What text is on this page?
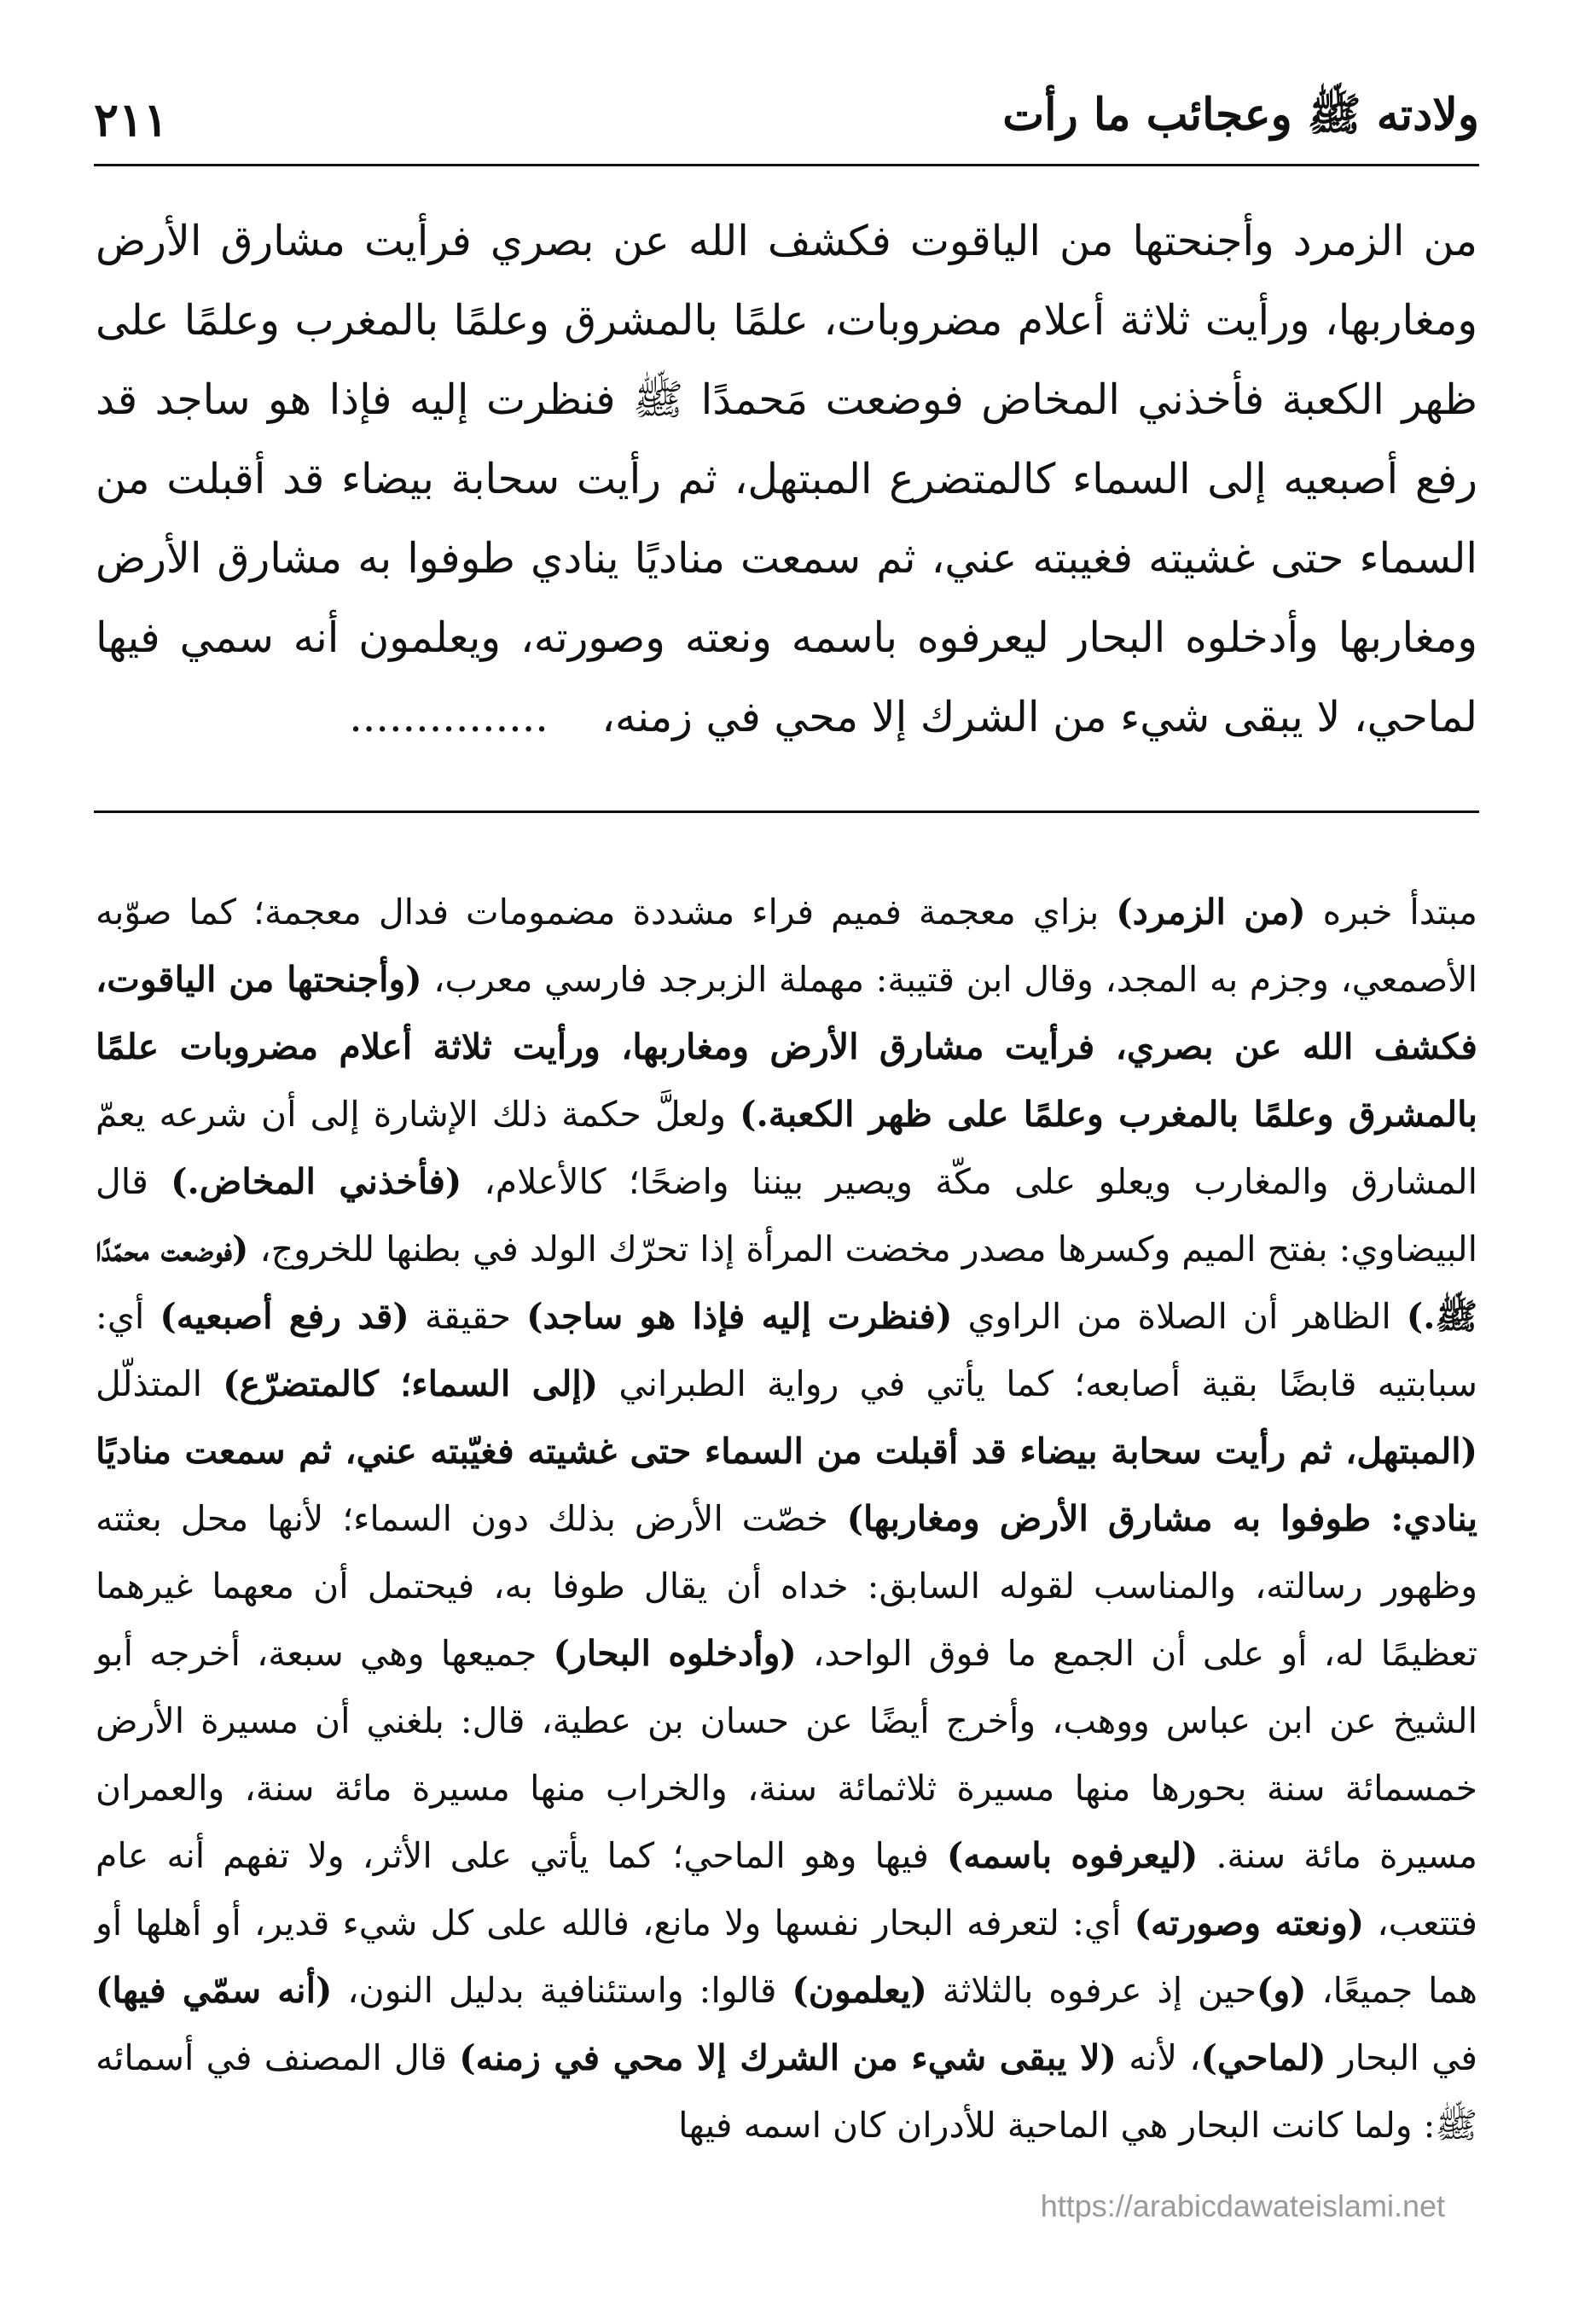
ولادته ﷺ وعجائب ما رأت
٢١١

من الزمرد وأجنحتها من الياقوت فكشف الله عن بصري فرأيت مشارق الأرض ومغاربها، ورأيت ثلاثة أعلام مضروبات، علمًا بالمشرق وعلمًا بالمغرب وعلمًا على ظهر الكعبة فأخذني المخاض فوضعت مَحمدًا ﷺ فنظرت إليه فإذا هو ساجد قد رفع أصبعيه إلى السماء كالمتضرع المبتهل، ثم رأيت سحابة بيضاء قد أقبلت من السماء حتى غشيته فغيبته عني، ثم سمعت مناديًا ينادي طوفوا به مشارق الأرض ومغاربها وأدخلوه البحار ليعرفوه باسمه ونعته وصورته، ويعلمون أنه سمي فيها لماحي، لا يبقى شيء من الشرك إلا محي في زمنه،    ...............

مبتدأ خبره (من الزمرد) بزاي معجمة فميم فراء مشددة مضمومات فدال معجمة؛ كما صوّبه الأصمعي، وجزم به المجد، وقال ابن قتيبة: مهملة الزبرجد فارسي معرب، (وأجنحتها من الياقوت، فكشف الله عن بصري، فرأيت مشارق الأرض ومغاربها، ورأيت ثلاثة أعلام مضروبات علمًا بالمشرق وعلمًا بالمغرب وعلمًا على ظهر الكعبة.) ولعلَّ حكمة ذلك الإشارة إلى أن شرعه يعمّ المشارق والمغارب ويعلو على مكّة ويصير بيننا واضحًا؛ كالأعلام، (فأخذني المخاض.) قال البيضاوي: بفتح الميم وكسرها مصدر مخضت المرأة إذا تحرّك الولد في بطنها للخروج، (فوضعت محمّدًا ﷺ.) الظاهر أن الصلاة من الراوي (فنظرت إليه فإذا هو ساجد) حقيقة (قد رفع أصبعيه) أي: سبابتيه قابضًا بقية أصابعه؛ كما يأتي في رواية الطبراني (إلى السماء؛ كالمتضرّع) المتذلّل (المبتهل، ثم رأيت سحابة بيضاء قد أقبلت من السماء حتى غشيته فغيّبته عني، ثم سمعت مناديًا ينادي: طوفوا به مشارق الأرض ومغاربها) خصّت الأرض بذلك دون السماء؛ لأنها محل بعثته وظهور رسالته، والمناسب لقوله السابق: خداه أن يقال طوفا به، فيحتمل أن معهما غيرهما تعظيمًا له، أو على أن الجمع ما فوق الواحد، (وأدخلوه البحار) جميعها وهي سبعة، أخرجه أبو الشيخ عن ابن عباس ووهب، وأخرج أيضًا عن حسان بن عطية، قال: بلغني أن مسيرة الأرض خمسمائة سنة بحورها منها مسيرة ثلاثمائة سنة، والخراب منها مسيرة مائة سنة، والعمران مسيرة مائة سنة. (ليعرفوه باسمه) فيها وهو الماحي؛ كما يأتي على الأثر، ولا تفهم أنه عام فتتعب، (ونعته وصورته) أي: لتعرفه البحار نفسها ولا مانع، فالله على كل شيء قدير، أو أهلها أو هما جميعًا، (و)حين إذ عرفوه بالثلاثة (يعلمون) قالوا: واستئنافية بدليل النون، (أنه سمّي فيها) في البحار (لماحي)، لأنه (لا يبقى شيء من الشرك إلا محي في زمنه) قال المصنف في أسمائه ﷺ: ولما كانت البحار هي الماحية للأدران كان اسمه فيها

https://arabicdawateislami.net
